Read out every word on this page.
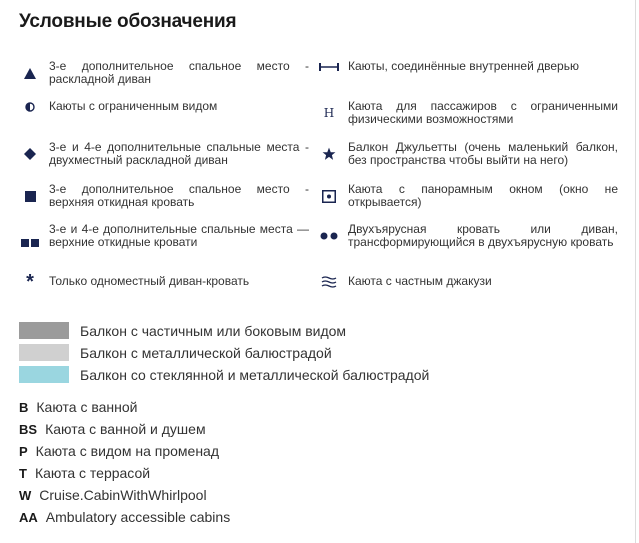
Условные обозначения
3-е дополнительное спальное место - раскладной диван
Каюты с ограниченным видом
3-е и 4-е дополнительные спальные места - двухместный раскладной диван
3-е дополнительное спальное место - верхняя откидная кровать
3-е и 4-е дополнительные спальные места — верхние откидные кровати
*	Только одноместный диван-кровать
Каюты, соединённые внутренней дверью
H	Каюта для пассажиров с ограниченными физическими возможностями
Балкон Джульетты (очень маленький балкон, без пространства чтобы выйти на него)
Каюта с панорамным окном (окно не открывается)
Двухъярусная кровать или диван, трансформирующийся в двухъярусную кровать
Каюта с частным джакузи
Балкон с частичным или боковым видом
Балкон с металлической балюстрадой
Балкон со стеклянной и металлической балюстрадой
B Каюта с ванной
BS Каюта с ванной и душем
P Каюта с видом на променад
T Каюта с террасой
W Cruise.CabinWithWhirlpool
AA Ambulatory accessible cabins
